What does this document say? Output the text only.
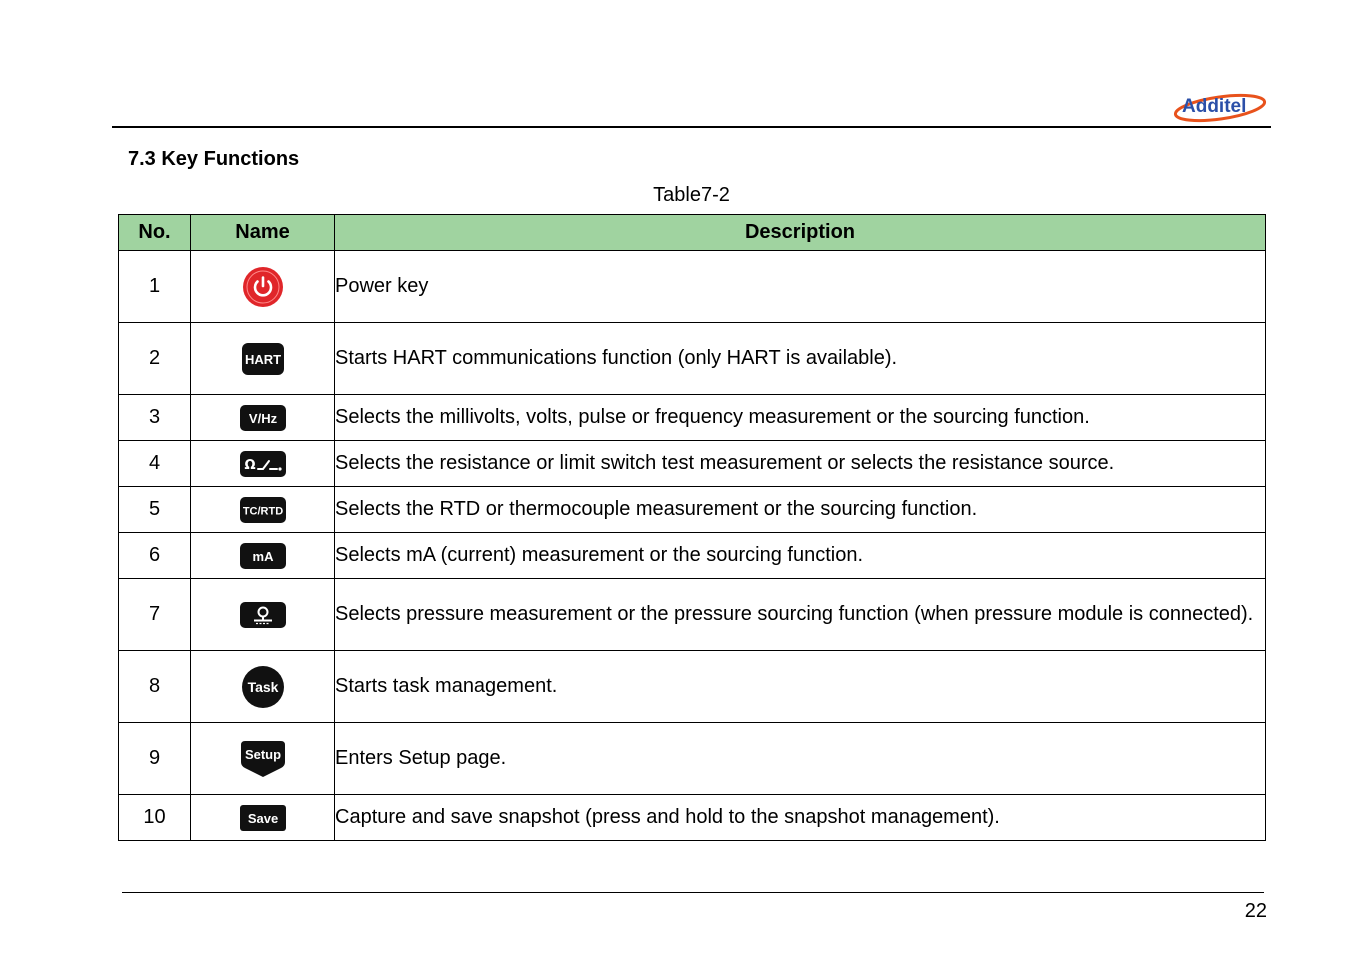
Additel
7.3 Key Functions
Table7-2
No.	Name	Description
1		Power key
2	HART	Starts HART communications function (only HART is available).
3	V/Hz	Selects the millivolts, volts, pulse or frequency measurement or the sourcing function.
4	Ω	Selects the resistance or limit switch test measurement or selects the resistance source.
5	TC/RTD	Selects the RTD or thermocouple measurement or the sourcing function.
6	mA	Selects mA (current) measurement or the sourcing function.
7		Selects pressure measurement or the pressure sourcing function (when pressure module is connected).
8	Task	Starts task management.
9	Setup	Enters Setup page.
10	Save	Capture and save snapshot (press and hold to the snapshot management).
22
